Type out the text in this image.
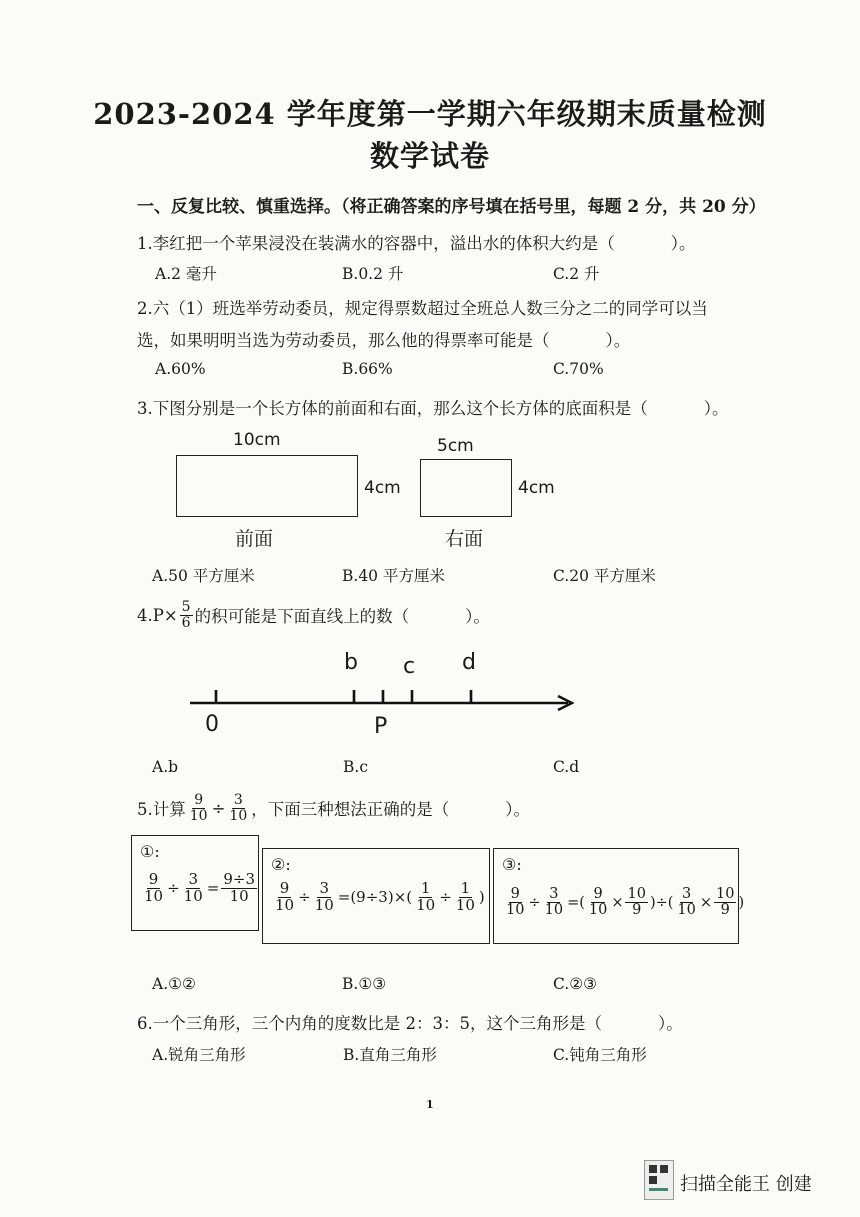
2023-2024 学年度第一学期六年级期末质量检测
数学试卷
一、反复比较、慎重选择。（将正确答案的序号填在括号里，每题 2 分，共 20 分）
1.李红把一个苹果浸没在装满水的容器中，溢出水的体积大约是（	）。
A.2 毫升	B.0.2 升	C.2 升
2.六（1）班选举劳动委员，规定得票数超过全班总人数三分之二的同学可以当
选，如果明明当选为劳动委员，那么他的得票率可能是（	）。
A.60%	B.66%	C.70%
3.下图分别是一个长方体的前面和右面，那么这个长方体的底面积是（	）。
10cm
4cm
前面
5cm
4cm
右面
A.50 平方厘米	B.40 平方厘米	C.20 平方厘米
$4.P\times \frac{5}{6}$ 的积可能是下面直线上的数（	）。
0	P
b c d
A.b	B.c	C.d
5.计算 $\frac{9}{10} \div \frac{3}{10}$ ，下面三种想法正确的是（	）。
①:
$\frac{9}{10} \div \frac{3}{10} = \frac{9\div 3}{10}$
②:
$\frac{9}{10} \div \frac{3}{10} =(9\div 3)\times( \frac{1}{10} \div \frac{1}{10}$ )
③:
$\frac{9}{10} \div \frac{3}{10}$ =( $\frac{9}{10} \times \frac{10}{9}$ )÷( $\frac{3}{10} \times \frac{10}{9}$ )
A.①②	B.①③	C.②③
6.一个三角形，三个内角的度数比是 2：3：5，这个三角形是（	）。
A.锐角三角形	B.直角三角形	C.钝角三角形
1
扫描全能王 创建
